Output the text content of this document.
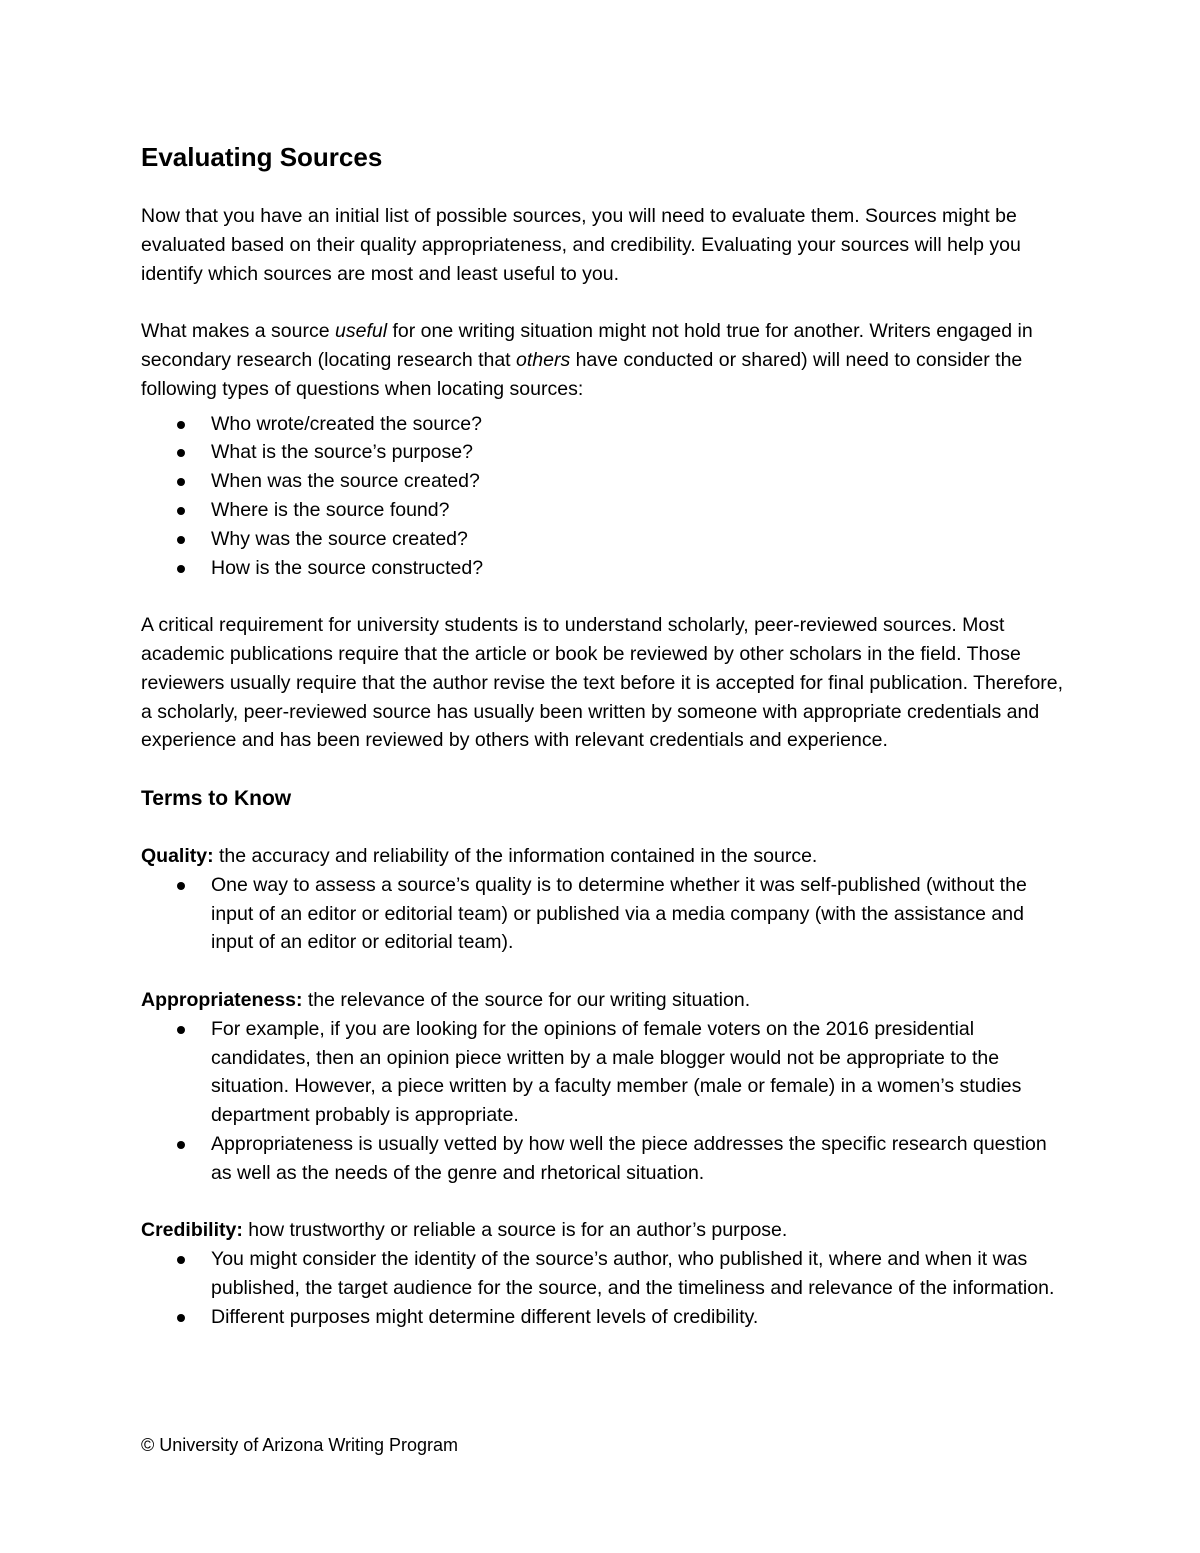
Evaluating Sources

Now that you have an initial list of possible sources, you will need to evaluate them. Sources might be evaluated based on their quality appropriateness, and credibility. Evaluating your sources will help you identify which sources are most and least useful to you.

What makes a source useful for one writing situation might not hold true for another. Writers engaged in secondary research (locating research that others have conducted or shared) will need to consider the following types of questions when locating sources:

Who wrote/created the source?
What is the source’s purpose?
When was the source created?
Where is the source found?
Why was the source created?
How is the source constructed?

A critical requirement for university students is to understand scholarly, peer-reviewed sources. Most academic publications require that the article or book be reviewed by other scholars in the field. Those reviewers usually require that the author revise the text before it is accepted for final publication. Therefore, a scholarly, peer-reviewed source has usually been written by someone with appropriate credentials and experience and has been reviewed by others with relevant credentials and experience.

Terms to Know

Quality: the accuracy and reliability of the information contained in the source.

One way to assess a source’s quality is to determine whether it was self-published (without the input of an editor or editorial team) or published via a media company (with the assistance and input of an editor or editorial team).

Appropriateness: the relevance of the source for our writing situation.

For example, if you are looking for the opinions of female voters on the 2016 presidential candidates, then an opinion piece written by a male blogger would not be appropriate to the situation. However, a piece written by a faculty member (male or female) in a women’s studies department probably is appropriate.
Appropriateness is usually vetted by how well the piece addresses the specific research question as well as the needs of the genre and rhetorical situation.

Credibility: how trustworthy or reliable a source is for an author’s purpose.

You might consider the identity of the source’s author, who published it, where and when it was published, the target audience for the source, and the timeliness and relevance of the information.
Different purposes might determine different levels of credibility.
© University of Arizona Writing Program
